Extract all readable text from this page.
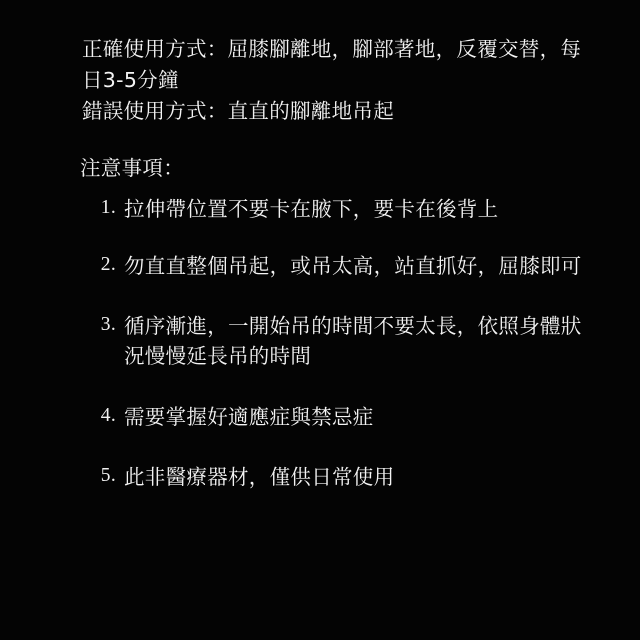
正確使用方式：屈膝腳離地，腳部著地，反覆交替，每日3-5分鐘
錯誤使用方式：直直的腳離地吊起
注意事項：
拉伸帶位置不要卡在腋下，要卡在後背上
勿直直整個吊起，或吊太高，站直抓好，屈膝即可
循序漸進，一開始吊的時間不要太長，依照身體狀況慢慢延長吊的時間
需要掌握好適應症與禁忌症
此非醫療器材，僅供日常使用
